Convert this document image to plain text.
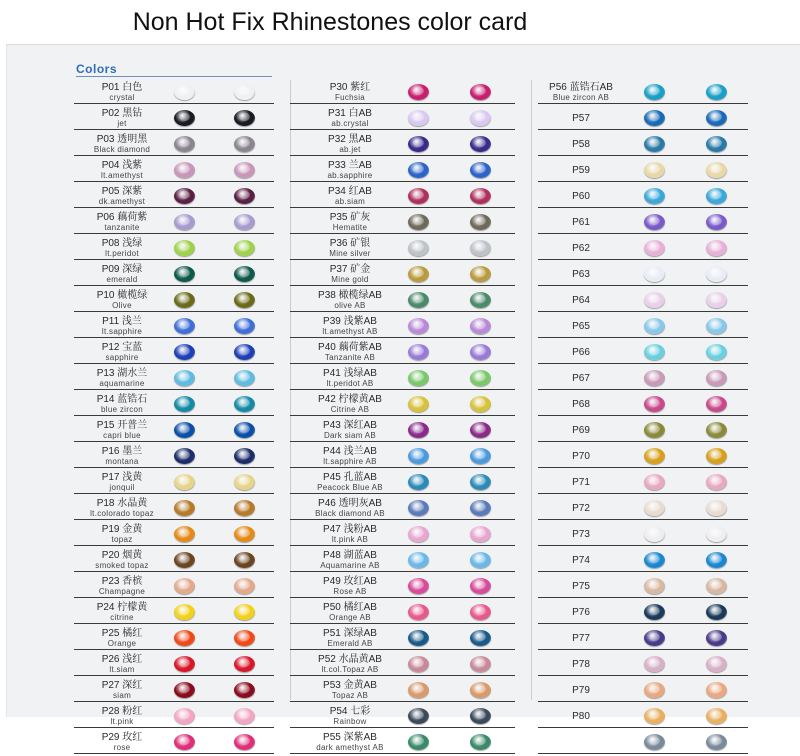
Non Hot Fix Rhinestones color card
Colors
P01 白色
crystal
P02 黑钻
jet
P03 透明黑
Black diamond
P04 浅紫
lt.amethyst
P05 深紫
dk.amethyst
P06 藕荷紫
tanzanite
P08 浅绿
lt.peridot
P09 深绿
emerald
P10 橄榄绿
Olive
P11 浅兰
lt.sapphire
P12 宝蓝
sapphire
P13 湖水兰
aquamarine
P14 蓝锆石
blue zircon
P15 开普兰
capri blue
P16 墨兰
montana
P17 浅黄
jonquil
P18 水晶黄
lt.colorado topaz
P19 金黄
topaz
P20 烟黄
smoked topaz
P23 香槟
Champagne
P24 柠檬黄
citrine
P25 橘红
Orange
P26 浅红
lt.siam
P27 深红
siam
P28 粉红
lt.pink
P29 玫红
rose
P30 紫红
Fuchsia
P31 白AB
ab.crystal
P32 黑AB
ab.jet
P33 兰AB
ab.sapphire
P34 红AB
ab.siam
P35 矿灰
Hematite
P36 矿银
Mine silver
P37 矿金
Mine gold
P38 橄榄绿AB
olive AB
P39 浅紫AB
lt.amethyst AB
P40 藕荷紫AB
Tanzanite AB
P41 浅绿AB
lt.peridot AB
P42 柠檬黄AB
Citrine AB
P43 深红AB
Dark siam AB
P44 浅兰AB
lt.sapphire AB
P45 孔蓝AB
Peacock Blue AB
P46 透明灰AB
Black diamond AB
P47 浅粉AB
lt.pink AB
P48 湖蓝AB
Aquamarine AB
P49 玫红AB
Rose AB
P50 橘红AB
Orange AB
P51 深绿AB
Emerald AB
P52 水晶黄AB
lt.col.Topaz AB
P53 金黄AB
Topaz AB
P54 七彩
Rainbow
P55 深紫AB
dark amethyst AB
P56 蓝锆石AB
Blue zircon AB
P57
P58
P59
P60
P61
P62
P63
P64
P65
P66
P67
P68
P69
P70
P71
P72
P73
P74
P75
P76
P77
P78
P79
P80
